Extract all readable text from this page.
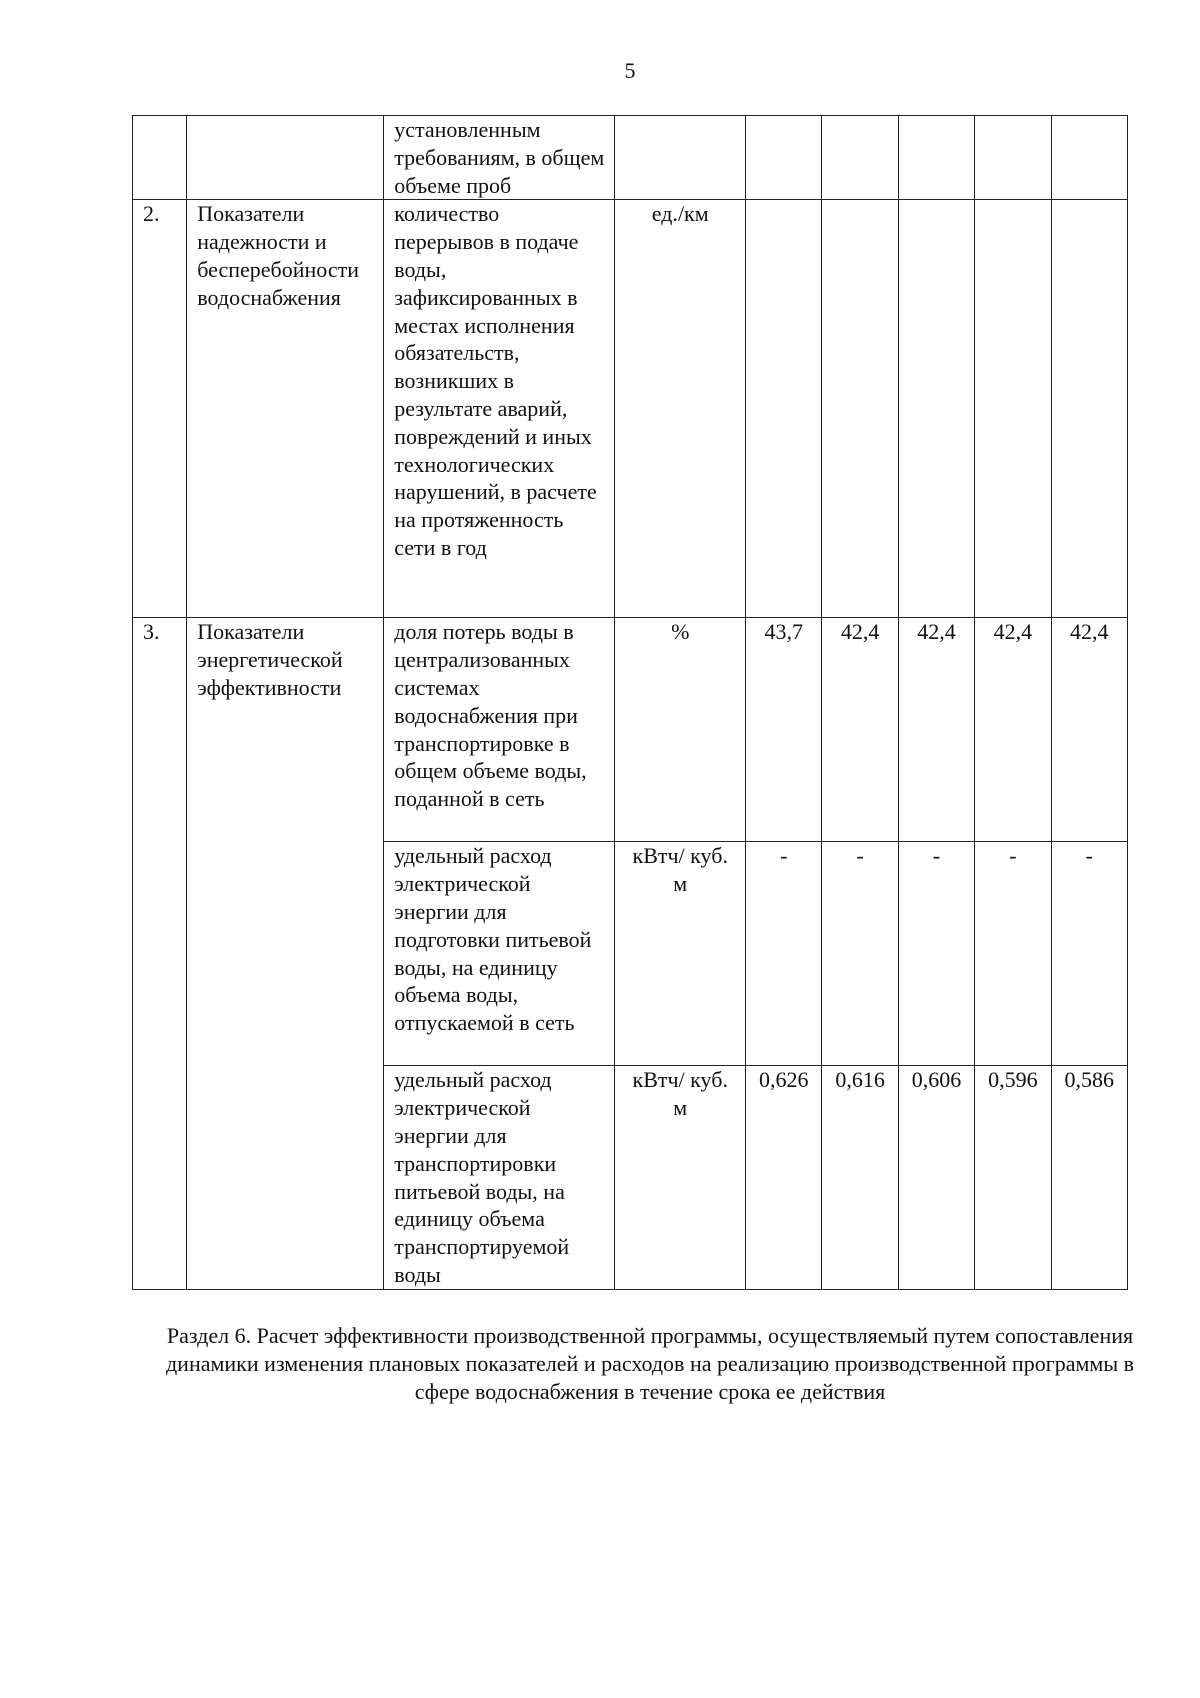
5
		установленным требованиям, в общем объеме проб						
2.	Показатели надежности и бесперебойности водоснабжения	количество перерывов в подаче воды, зафиксированных в местах исполнения обязательств, возникших в результате аварий, повреждений и иных технологических нарушений, в расчете на протяженность сети в год	ед./км					
3.	Показатели энергетической эффективности	доля потерь воды в централизованных системах водоснабжения при транспортировке в общем объеме воды, поданной в сеть	%	43,7	42,4	42,4	42,4	42,4
		удельный расход электрической энергии для подготовки питьевой воды, на единицу объема воды, отпускаемой в сеть	кВтч/ куб. м	-	-	-	-	-
		удельный расход электрической энергии для транспортировки питьевой воды, на единицу объема транспортируемой воды	кВтч/ куб. м	0,626	0,616	0,606	0,596	0,586
Раздел 6. Расчет эффективности производственной программы, осуществляемый путем сопоставления динамики изменения плановых показателей и расходов на реализацию производственной программы в сфере водоснабжения в течение срока ее действия
